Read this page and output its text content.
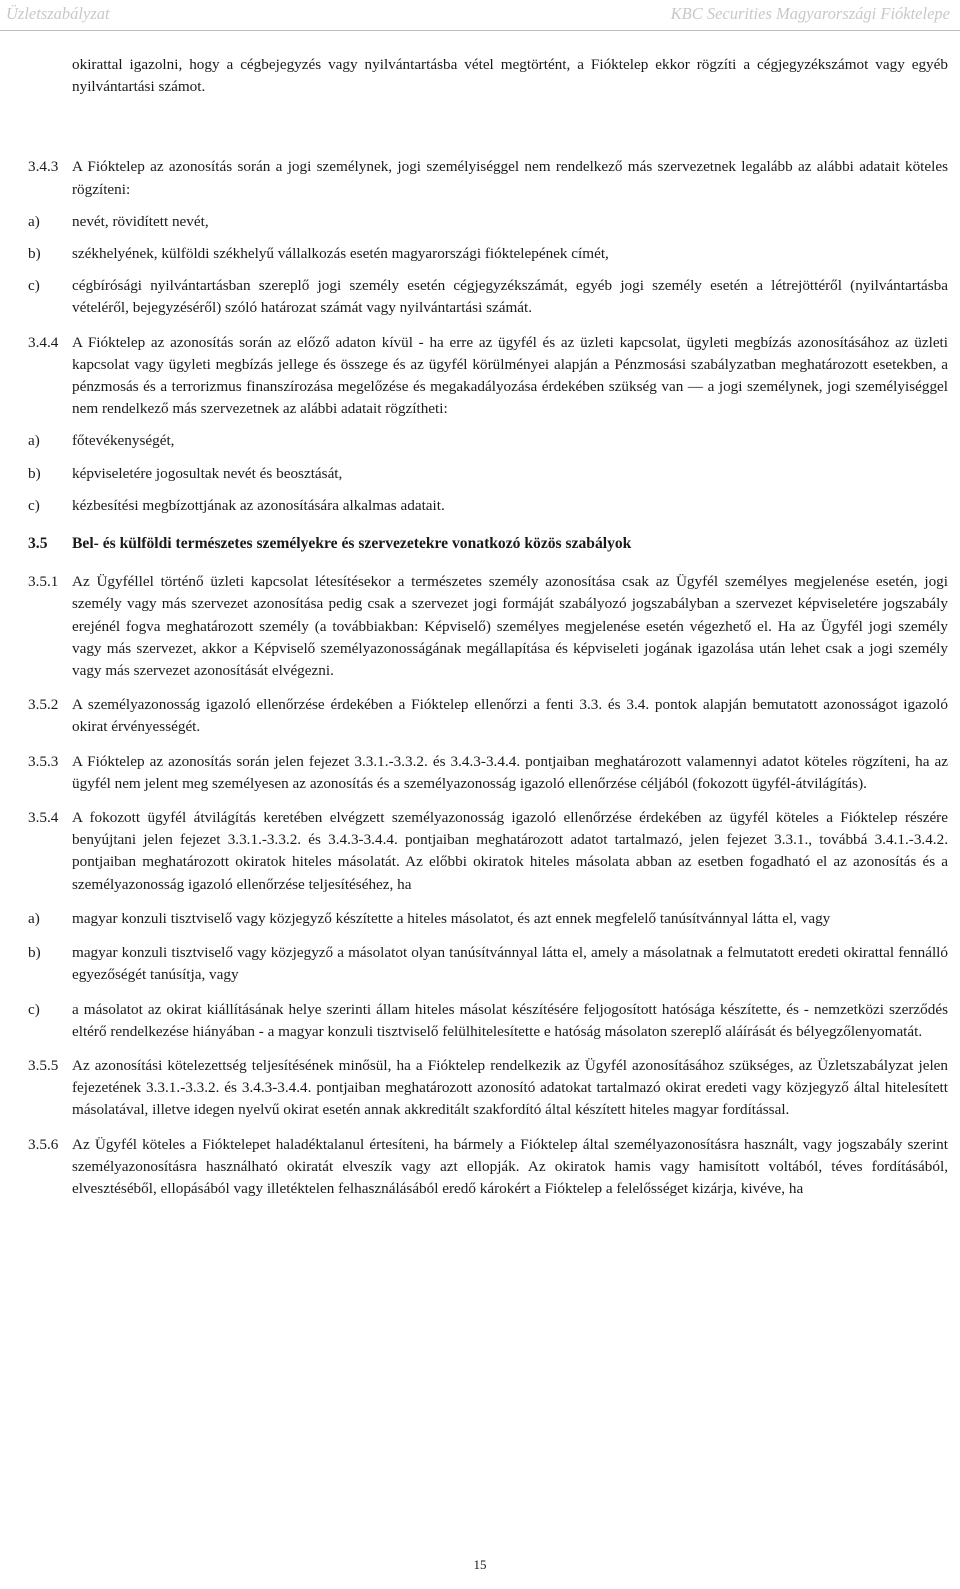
Üzletszabályzat	KBC Securities Magyarországi Fióktelepe
okirattal igazolni, hogy a cégbejegyzés vagy nyilvántartásba vétel megtörtént, a Fióktelep ekkor rögzíti a cégjegyzékszámot vagy egyéb nyilvántartási számot.
3.4.3 A Fióktelep az azonosítás során a jogi személynek, jogi személyiséggel nem rendelkező más szervezetnek legalább az alábbi adatait köteles rögzíteni:
a)	nevét, rövidített nevét,
b)	székhelyének, külföldi székhelyű vállalkozás esetén magyarországi fióktelepének címét,
c)	cégbírósági nyilvántartásban szereplő jogi személy esetén cégjegyzékszámát, egyéb jogi személy esetén a létrejöttéről (nyilvántartásba vételéről, bejegyzéséről) szóló határozat számát vagy nyilvántartási számát.
3.4.4 A Fióktelep az azonosítás során az előző adaton kívül - ha erre az ügyfél és az üzleti kapcsolat, ügyleti megbízás azonosításához az üzleti kapcsolat vagy ügyleti megbízás jellege és összege és az ügyfél körülményei alapján a Pénzmosási szabályzatban meghatározott esetekben, a pénzmosás és a terrorizmus finanszírozása megelőzése és megakadályozása érdekében szükség van — a jogi személynek, jogi személyiséggel nem rendelkező más szervezetnek az alábbi adatait rögzítheti:
a)	főtevékenységét,
b)	képviseletére jogosultak nevét és beosztását,
c)	kézbesítési megbízottjának az azonosítására alkalmas adatait.
3.5	Bel- és külföldi természetes személyekre és szervezetekre vonatkozó közös szabályok
3.5.1 Az Ügyféllel történő üzleti kapcsolat létesítésekor a természetes személy azonosítása csak az Ügyfél személyes megjelenése esetén, jogi személy vagy más szervezet azonosítása pedig csak a szervezet jogi formáját szabályozó jogszabályban a szervezet képviseletére jogszabály erejénél fogva meghatározott személy (a továbbiakban: Képviselő) személyes megjelenése esetén végezhető el. Ha az Ügyfél jogi személy vagy más szervezet, akkor a Képviselő személyazonosságának megállapítása és képviseleti jogának igazolása után lehet csak a jogi személy vagy más szervezet azonosítását elvégezni.
3.5.2 A személyazonosság igazoló ellenőrzése érdekében a Fióktelep ellenőrzi a fenti 3.3. és 3.4. pontok alapján bemutatott azonosságot igazoló okirat érvényességét.
3.5.3 A Fióktelep az azonosítás során jelen fejezet 3.3.1.-3.3.2. és 3.4.3-3.4.4. pontjaiban meghatározott valamennyi adatot köteles rögzíteni, ha az ügyfél nem jelent meg személyesen az azonosítás és a személyazonosság igazoló ellenőrzése céljából (fokozott ügyfél-átvilágítás).
3.5.4 A fokozott ügyfél átvilágítás keretében elvégzett személyazonosság igazoló ellenőrzése érdekében az ügyfél köteles a Fióktelep részére benyújtani jelen fejezet 3.3.1.-3.3.2. és 3.4.3-3.4.4. pontjaiban meghatározott adatot tartalmazó, jelen fejezet 3.3.1., továbbá 3.4.1.-3.4.2. pontjaiban meghatározott okiratok hiteles másolatát. Az előbbi okiratok hiteles másolata abban az esetben fogadható el az azonosítás és a személyazonosság igazoló ellenőrzése teljesítéséhez, ha
a)	magyar konzuli tisztviselő vagy közjegyző készítette a hiteles másolatot, és azt ennek megfelelő tanúsítvánnyal látta el, vagy
b)	magyar konzuli tisztviselő vagy közjegyző a másolatot olyan tanúsítvánnyal látta el, amely a másolatnak a felmutatott eredeti okirattal fennálló egyezőségét tanúsítja, vagy
c)	a másolatot az okirat kiállításának helye szerinti állam hiteles másolat készítésére feljogosított hatósága készítette, és - nemzetközi szerződés eltérő rendelkezése hiányában - a magyar konzuli tisztviselő felülhitelesítette e hatóság másolaton szereplő aláírását és bélyegzőlenyomatát.
3.5.5 Az azonosítási kötelezettség teljesítésének minősül, ha a Fióktelep rendelkezik az Ügyfél azonosításához szükséges, az Üzletszabályzat jelen fejezetének 3.3.1.-3.3.2. és 3.4.3-3.4.4. pontjaiban meghatározott azonosító adatokat tartalmazó okirat eredeti vagy közjegyző által hitelesített másolatával, illetve idegen nyelvű okirat esetén annak akkreditált szakfordító által készített hiteles magyar fordítással.
3.5.6 Az Ügyfél köteles a Fióktelepet haladéktalanul értesíteni, ha bármely a Fióktelep által személyazonosításra használt, vagy jogszabály szerint személyazonosításra használható okiratát elveszík vagy azt ellopják. Az okiratok hamis vagy hamisított voltából, téves fordításából, elvesztéséből, ellopásából vagy illetéktelen felhasználásából eredő károkért a Fióktelep a felelősséget kizárja, kivéve, ha
15
